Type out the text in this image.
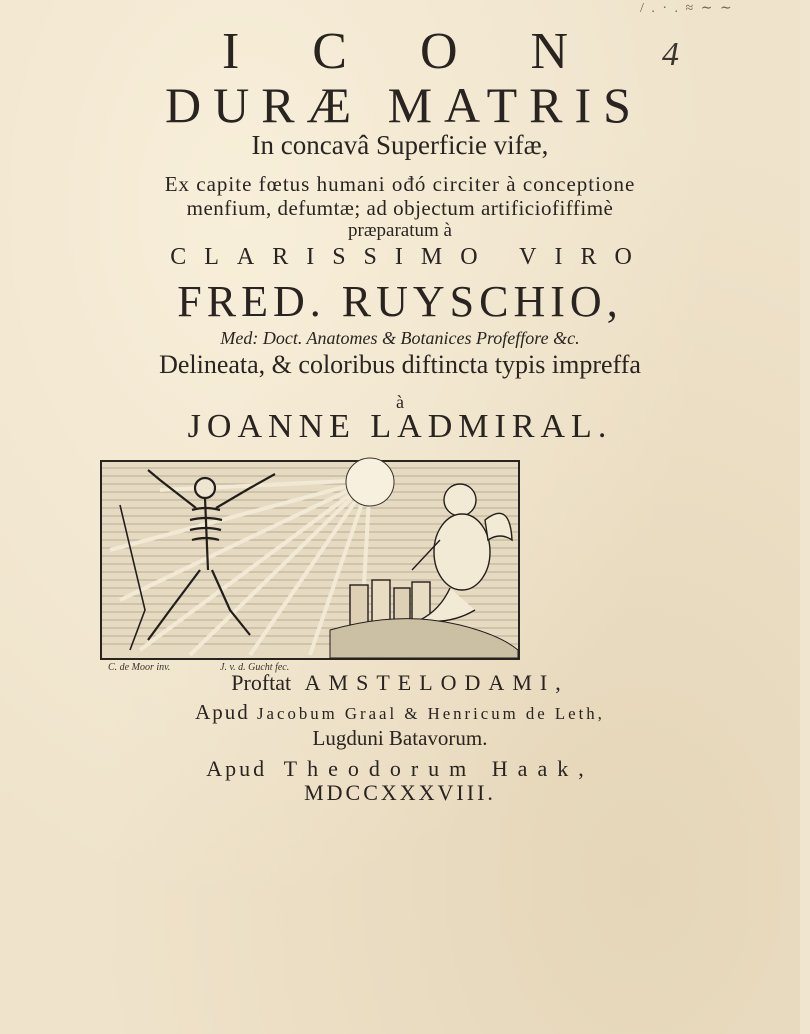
/ . · . ≈ ∼ ∼
4
I C O N
DURÆ MATRIS
In concavâ Superficie vifæ,
Ex capite fœtus humani ođó circiter à conceptione
menfium, defumtæ; ad objectum artificiofiffimè
præparatum à
CLARISSIMO VIRO
FRED. RUYSCHIO,
Med: Doct. Anatomes & Botanices Profeffore &c.
Delineata, & coloribus diftincta typis impreffa
à
JOANNE LADMIRAL.
C. de Moor inv.	J. v. d. Gucht fec.
Proftat AMSTELODAMI,
Apud Jacobum Graal & Henricum de Leth,
Lugduni Batavorum.
Apud Theodorum Haak,
MDCCXXXVIII.
